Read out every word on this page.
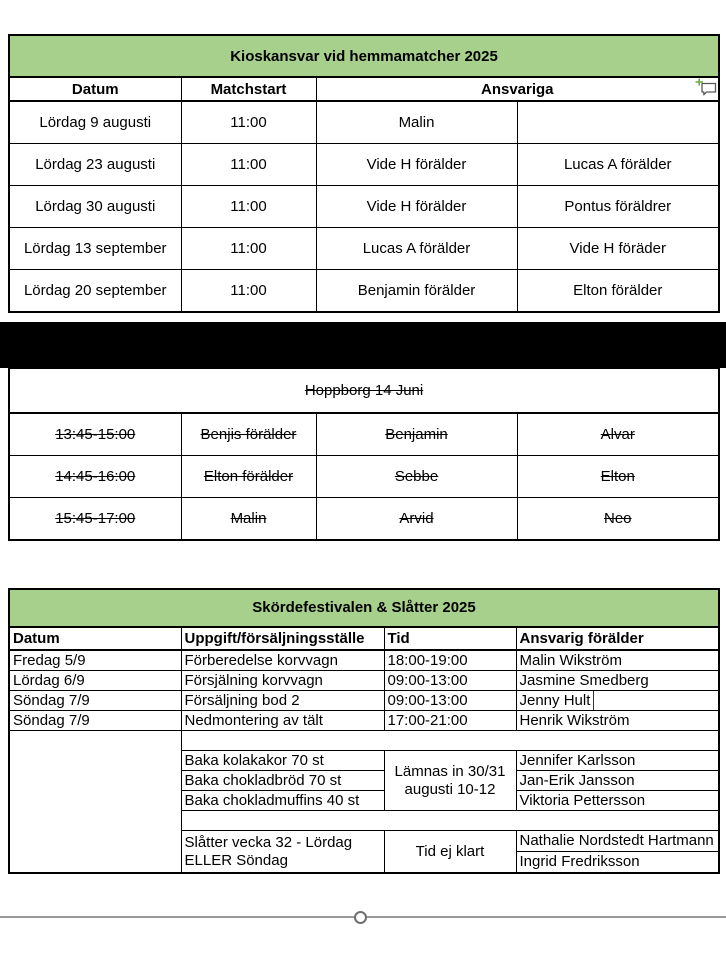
Kioskansvar vid hemmamatcher 2025			
Datum	Matchstart	Ansvariga	
Lördag 9 augusti	11:00	Malin	
Lördag 23 augusti	11:00	Vide H förälder	Lucas A förälder
Lördag 30 augusti	11:00	Vide H förälder	Pontus föräldrer
Lördag 13 september	11:00	Lucas A förälder	Vide H föräder
Lördag 20 september	11:00	Benjamin förälder	Elton förälder
Hoppborg 14 Juni			
13:45-15:00	Benjis förälder	Benjamin	Alvar
14:45-16:00	Elton förälder	Sebbe	Elton
15:45-17:00	Malin	Arvid	Neo
Skördefestivalen & Slåtter 2025			
Datum	Uppgift/försäljningsställe	Tid	Ansvarig förälder
Fredag 5/9	Förberedelse korvvagn	18:00-19:00	Malin Wikström
Lördag 6/9	Försjälning korvvagn	09:00-13:00	Jasmine Smedberg
Söndag 7/9	Försäljning bod 2	09:00-13:00	Jenny Hult

Söndag 7/9	Nedmontering av tält	17:00-21:00	Henrik Wikström

	Baka kolakakor 70 st	Lämnas in 30/31 augusti 10-12	Jennifer Karlsson
	Baka chokladbröd 70 st		Jan-Erik Jansson
	Baka chokladmuffins 40 st		Viktoria Pettersson

	Slåtter vecka 32 - Lördag ELLER Söndag	Tid ej klart	Nathalie Nordstedt Hartmann
			Ingrid Fredriksson
